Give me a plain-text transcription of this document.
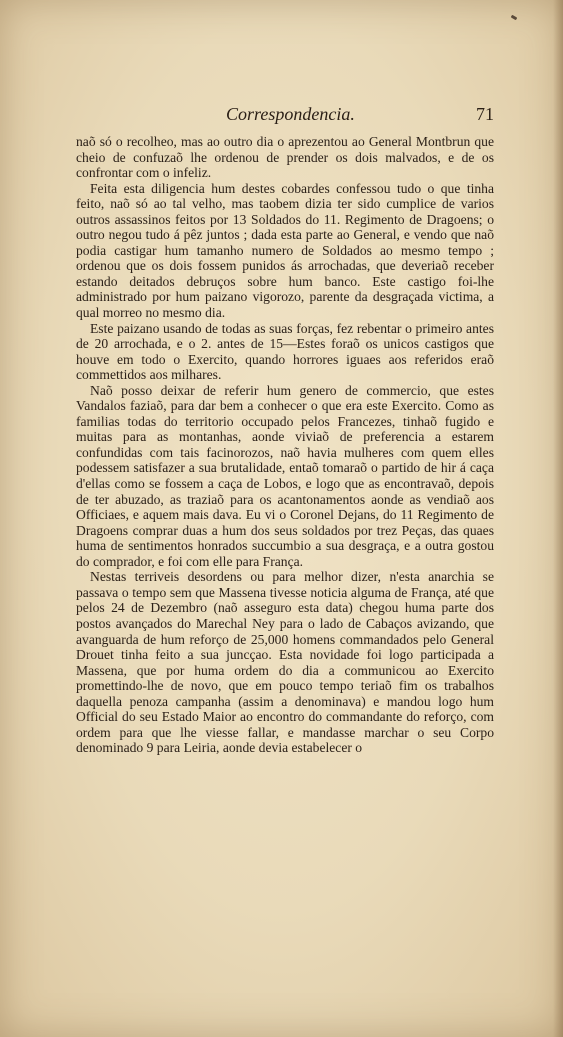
Correspondencia.	71

naõ só o recolheo, mas ao outro dia o aprezentou ao General Montbrun que cheio de confuzaõ lhe ordenou de prender os dois malvados, e de os confrontar com o infeliz.

Feita esta diligencia hum destes cobardes confessou tudo o que tinha feito, naõ só ao tal velho, mas taobem dizia ter sido cumplice de varios outros assassinos feitos por 13 Soldados do 11. Regimento de Dragoens; o outro negou tudo á pêz juntos ; dada esta parte ao General, e vendo que naõ podia castigar hum tamanho numero de Soldados ao mesmo tempo ; ordenou que os dois fossem punidos ás arrochadas, que deveriaõ receber estando deitados debruços sobre hum banco. Este castigo foi-lhe administrado por hum paizano vigorozo, parente da desgraçada victima, a qual morreo no mesmo dia.

Este paizano usando de todas as suas forças, fez rebentar o primeiro antes de 20 arrochada, e o 2. antes de 15—Estes foraõ os unicos castigos que houve em todo o Exercito, quando horrores iguaes aos referidos eraõ commettidos aos milhares.

Naõ posso deixar de referir hum genero de commercio, que estes Vandalos faziaõ, para dar bem a conhecer o que era este Exercito. Como as familias todas do territorio occupado pelos Francezes, tinhaõ fugido e muitas para as montanhas, aonde viviaõ de preferencia a estarem confundidas com tais facinorozos, naõ havia mulheres com quem elles podessem satisfazer a sua brutalidade, entaõ tomaraõ o partido de hir á caça d'ellas como se fossem a caça de Lobos, e logo que as encontravaõ, depois de ter abuzado, as traziaõ para os acantonamentos aonde as vendiaõ aos Officiaes, e aquem mais dava. Eu vi o Coronel Dejans, do 11 Regimento de Dragoens comprar duas a hum dos seus soldados por trez Peças, das quaes huma de sentimentos honrados succumbio a sua desgraça, e a outra gostou do comprador, e foi com elle para França.

Nestas terriveis desordens ou para melhor dizer, n'esta anarchia se passava o tempo sem que Massena tivesse noticia alguma de França, até que pelos 24 de Dezembro (naõ asseguro esta data) chegou huma parte dos postos avançados do Marechal Ney para o lado de Cabaços avizando, que avanguarda de hum reforço de 25,000 homens commandados pelo General Drouet tinha feito a sua juncçao. Esta novidade foi logo participada a Massena, que por huma ordem do dia a communicou ao Exercito promettindo-lhe de novo, que em pouco tempo teriaõ fim os trabalhos daquella penoza campanha (assim a denominava) e mandou logo hum Official do seu Estado Maior ao encontro do commandante do reforço, com ordem para que lhe viesse fallar, e mandasse marchar o seu Corpo denominado 9 para Leiria, aonde devia estabelecer o
